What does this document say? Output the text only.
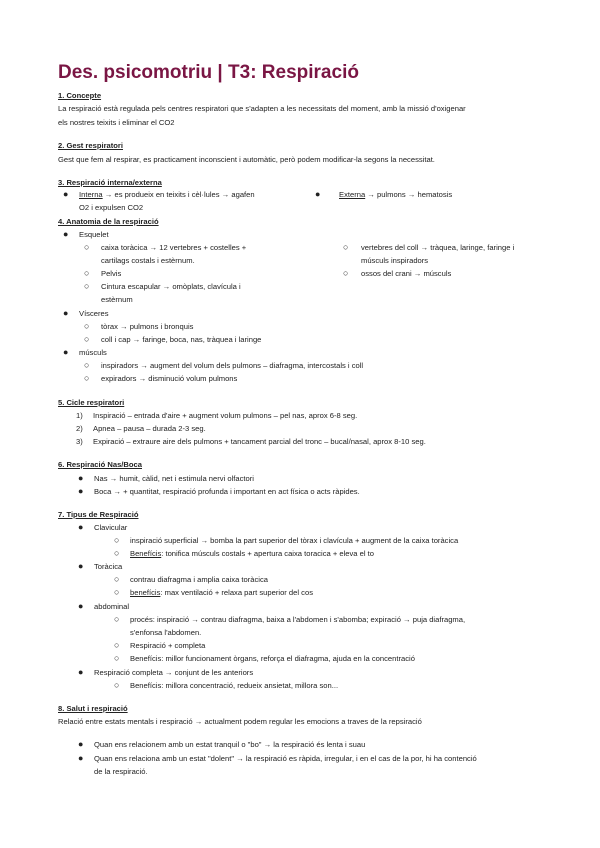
Des. psicomotriu | T3: Respiració
1. Concepte
La respiració està regulada pels centres respiratori que s'adapten a les necessitats del moment, amb la missió d'oxigenar
els nostres teixits i eliminar el CO2
2. Gest respiratori
Gest que fem al respirar, es practicament inconscient i automàtic, però podem modificar-la segons la necessitat.
3. Respiració interna/externa
● Interna → es produeix en teixits i cèl·lules → agafen
O2 i expulsen CO2
● Externa → pulmons → hematosis
4. Anatomia de la respiració
● Esquelet
○ caixa toràcica → 12 vertebres + costelles +
cartilags costals i estèrnum.
○ Pelvis
○ Cintura escapular → omòplats, clavícula i
estèrnum
○ vertebres del coll → tràquea, laringe, faringe i
músculs inspiradors
○ ossos del crani → músculs
● Vísceres
○ tòrax → pulmons i bronquis
○ coll i cap → faringe, boca, nas, tràquea i laringe
● músculs
○ inspiradors → augment del volum dels pulmons – diafragma, intercostals i coll
○ expiradors → disminució volum pulmons
5. Cicle respiratori
1) Inspiració – entrada d'aire + augment volum pulmons – pel nas, aprox 6-8 seg.
2) Apnea – pausa – durada 2-3 seg.
3) Expiració – extraure aire dels pulmons + tancament parcial del tronc – bucal/nasal, aprox 8-10 seg.
6. Respiració Nas/Boca
● Nas → humit, càlid, net i estimula nervi olfactori
● Boca → + quantitat, respiració profunda i important en act física o acts ràpides.
7. Tipus de Respiració
● Clavicular
○ inspiració superficial → bomba la part superior del tòrax i clavícula + augment de la caixa toràcica
○ Benefícis: tonifica músculs costals + apertura caixa toracica + eleva el to
● Toràcica
○ contrau diafragma i amplia caixa toràcica
○ benefícis: max ventilació + relaxa part superior del cos
● abdominal
○ procés: inspiració → contrau diafragma, baixa a l'abdomen i s'abomba; expiració → puja diafragma,
s'enfonsa l'abdomen.
○ Respiració + completa
○ Benefícis: millor funcionament òrgans, reforça el diafragma, ajuda en la concentració
● Respiració completa → conjunt de les anteriors
○ Benefícis: millora concentració, redueix ansietat, millora son...
8. Salut i respiració
Relació entre estats mentals i respiració → actualment podem regular les emocions a traves de la repsiració
● Quan ens relacionem amb un estat tranquil o "bo" → la respiració és lenta i suau
● Quan ens relaciona amb un estat "dolent" → la respiració es ràpida, irregular, i en el cas de la por, hi ha contenció
de la respiració.
